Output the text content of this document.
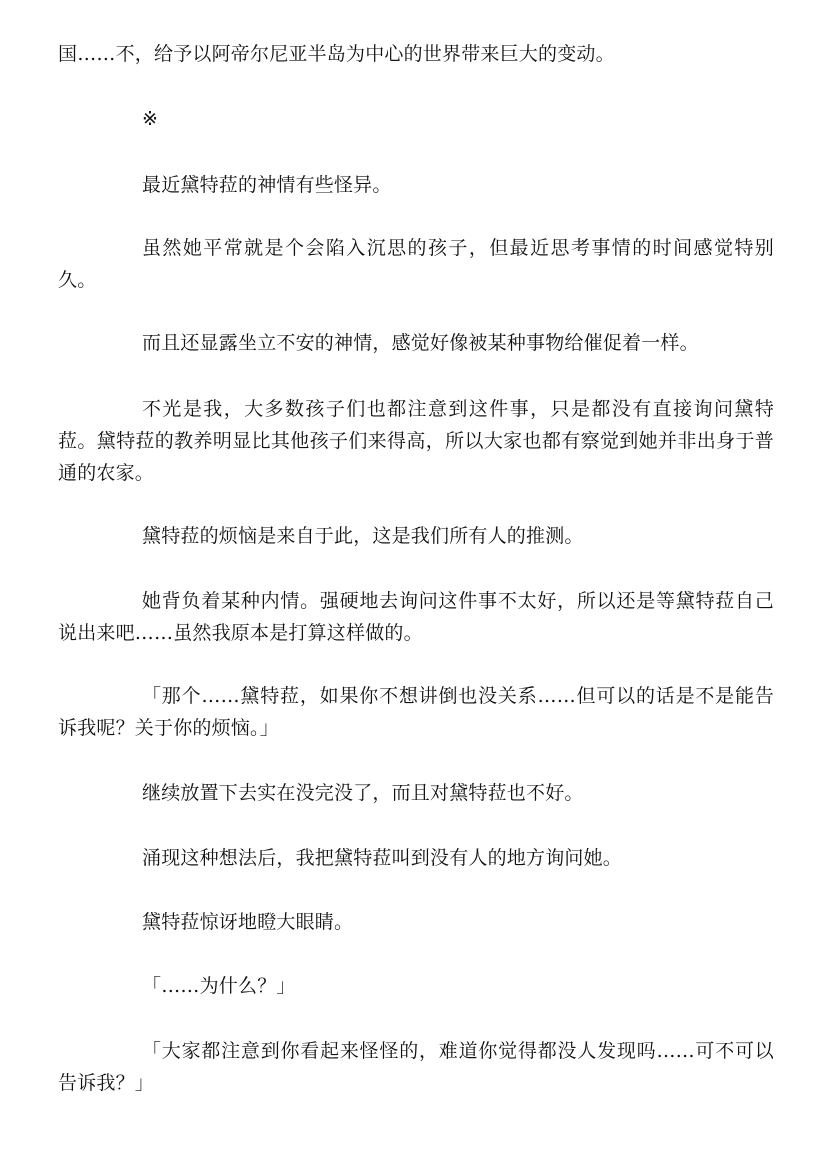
国……不，给予以阿帝尔尼亚半岛为中心的世界带来巨大的变动。

※

最近黛特菈的神情有些怪异。

虽然她平常就是个会陷入沉思的孩子，但最近思考事情的时间感觉特别久。

而且还显露坐立不安的神情，感觉好像被某种事物给催促着一样。

不光是我，大多数孩子们也都注意到这件事，只是都没有直接询问黛特菈。黛特菈的教养明显比其他孩子们来得高，所以大家也都有察觉到她并非出身于普通的农家。

黛特菈的烦恼是来自于此，这是我们所有人的推测。

她背负着某种内情。强硬地去询问这件事不太好，所以还是等黛特菈自己说出来吧……虽然我原本是打算这样做的。

「那个……黛特菈，如果你不想讲倒也没关系……但可以的话是不是能告诉我呢？关于你的烦恼。」

继续放置下去实在没完没了，而且对黛特菈也不好。

涌现这种想法后，我把黛特菈叫到没有人的地方询问她。

黛特菈惊讶地瞪大眼睛。

「……为什么？」

「大家都注意到你看起来怪怪的，难道你觉得都没人发现吗……可不可以告诉我？」
